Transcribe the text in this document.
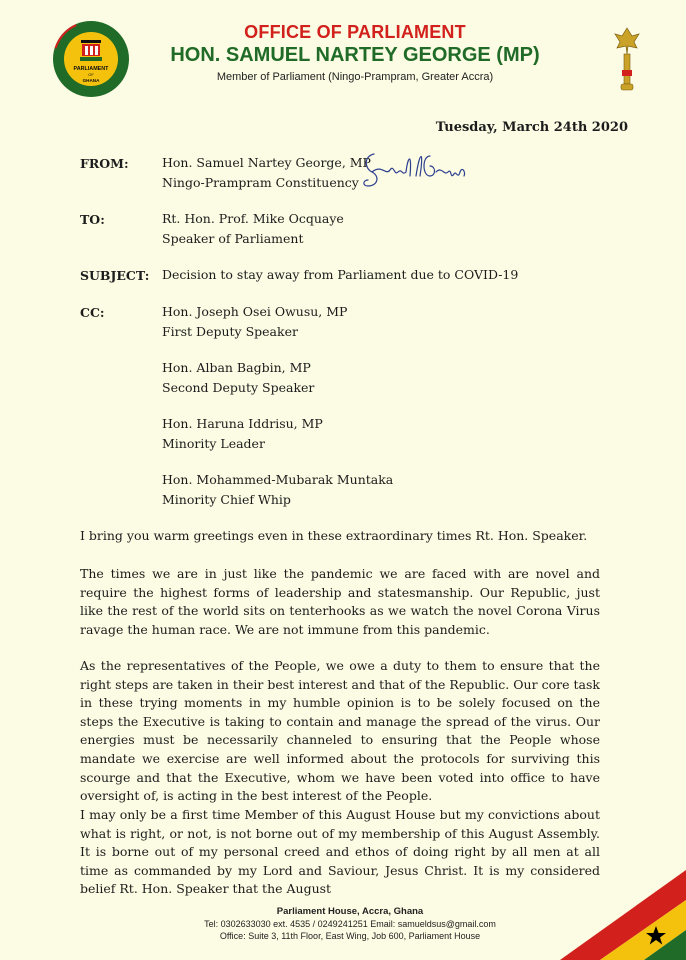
PARLIAMENT
OF
GHANA
OFFICE OF PARLIAMENT
HON. SAMUEL NARTEY GEORGE (MP)
Member of Parliament (Ningo-Prampram, Greater Accra)
Tuesday, March 24th 2020
FROM:	Hon. Samuel Nartey George, MP
Ningo-Prampram Constituency
TO:	Rt. Hon. Prof. Mike Ocquaye
Speaker of Parliament
SUBJECT: Decision to stay away from Parliament due to COVID-19
CC:	Hon. Joseph Osei Owusu, MP
First Deputy Speaker
Hon. Alban Bagbin, MP
Second Deputy Speaker
Hon. Haruna Iddrisu, MP
Minority Leader
Hon. Mohammed-Mubarak Muntaka
Minority Chief Whip
I bring you warm greetings even in these extraordinary times Rt. Hon. Speaker.
The times we are in just like the pandemic we are faced with are novel and require the highest forms of leadership and statesmanship. Our Republic, just like the rest of the world sits on tenterhooks as we watch the novel Corona Virus ravage the human race. We are not immune from this pandemic.
As the representatives of the People, we owe a duty to them to ensure that the right steps are taken in their best interest and that of the Republic. Our core task in these trying moments in my humble opinion is to be solely focused on the steps the Executive is taking to contain and manage the spread of the virus. Our energies must be necessarily channeled to ensuring that the People whose mandate we exercise are well informed about the protocols for surviving this scourge and that the Executive, whom we have been voted into office to have oversight of, is acting in the best interest of the People.
I may only be a first time Member of this August House but my convictions about what is right, or not, is not borne out of my membership of this August Assembly. It is borne out of my personal creed and ethos of doing right by all men at all time as commanded by my Lord and Saviour, Jesus Christ. It is my considered belief Rt. Hon. Speaker that the August
Parliament House, Accra, Ghana
Tel: 0302633030 ext. 4535 / 0249241251 Email: samueldsus@gmail.com
Office: Suite 3, 11th Floor, East Wing, Job 600, Parliament House
